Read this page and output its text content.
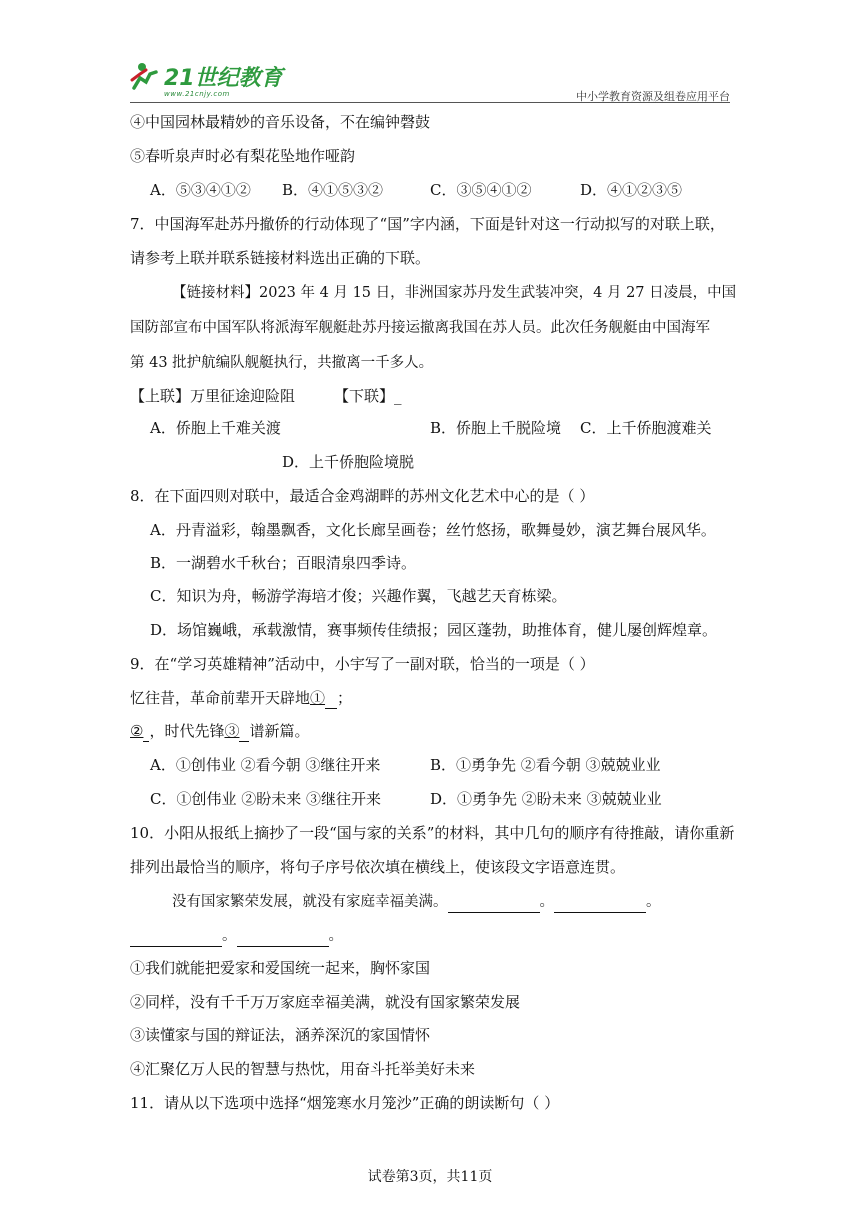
21世纪教育
www.21cnjy.com	中小学教育资源及组卷应用平台
④中国园林最精妙的音乐设备，不在编钟磬鼓
⑤春听泉声时必有梨花坠地作哑韵
A．⑤③④①② B．④①⑤③②	C．③⑤④①②	D．④①②③⑤
7．中国海军赴苏丹撤侨的行动体现了“国”字内涵，下面是针对这一行动拟写的对联上联，
请参考上联并联系链接材料选出正确的下联。
【链接材料】2023 年 4 月 15 日，非洲国家苏丹发生武装冲突，4 月 27 日凌晨，中国
国防部宣布中国军队将派海军舰艇赴苏丹接运撤离我国在苏人员。此次任务舰艇由中国海军
第 43 批护航编队舰艇执行，共撤离一千多人。
【上联】万里征途迎险阻	【下联】_
A．侨胞上千难关渡	B．侨胞上千脱险境 C．上千侨胞渡难关
D．上千侨胞险境脱
8．在下面四则对联中，最适合金鸡湖畔的苏州文化艺术中心的是（ ）
A．丹青溢彩，翰墨飘香，文化长廊呈画卷；丝竹悠扬，歌舞曼妙，演艺舞台展风华。
B．一湖碧水千秋台；百眼清泉四季诗。
C．知识为舟，畅游学海培才俊；兴趣作翼，飞越艺天育栋梁。
D．场馆巍峨，承载激情，赛事频传佳绩报；园区蓬勃，助推体育，健儿屡创辉煌章。
9．在“学习英雄精神”活动中，小宇写了一副对联，恰当的一项是（ ）
忆往昔，革命前辈开天辟地① ；
② ，时代先锋③ 谱新篇。
A．①创伟业 ②看今朝 ③继往开来	B．①勇争先 ②看今朝 ③兢兢业业
C．①创伟业 ②盼未来 ③继往开来	D．①勇争先 ②盼未来 ③兢兢业业
10．小阳从报纸上摘抄了一段“国与家的关系”的材料，其中几句的顺序有待推敲，请你重新
排列出最恰当的顺序，将句子序号依次填在横线上，使该段文字语意连贯。
没有国家繁荣发展，就没有家庭幸福美满。	。	。
。	。
①我们就能把爱家和爱国统一起来，胸怀家国
②同样，没有千千万万家庭幸福美满，就没有国家繁荣发展
③读懂家与国的辩证法，涵养深沉的家国情怀
④汇聚亿万人民的智慧与热忱，用奋斗托举美好未来
11．请从以下选项中选择“烟笼寒水月笼沙”正确的朗读断句（ ）
试卷第3页，共11页
